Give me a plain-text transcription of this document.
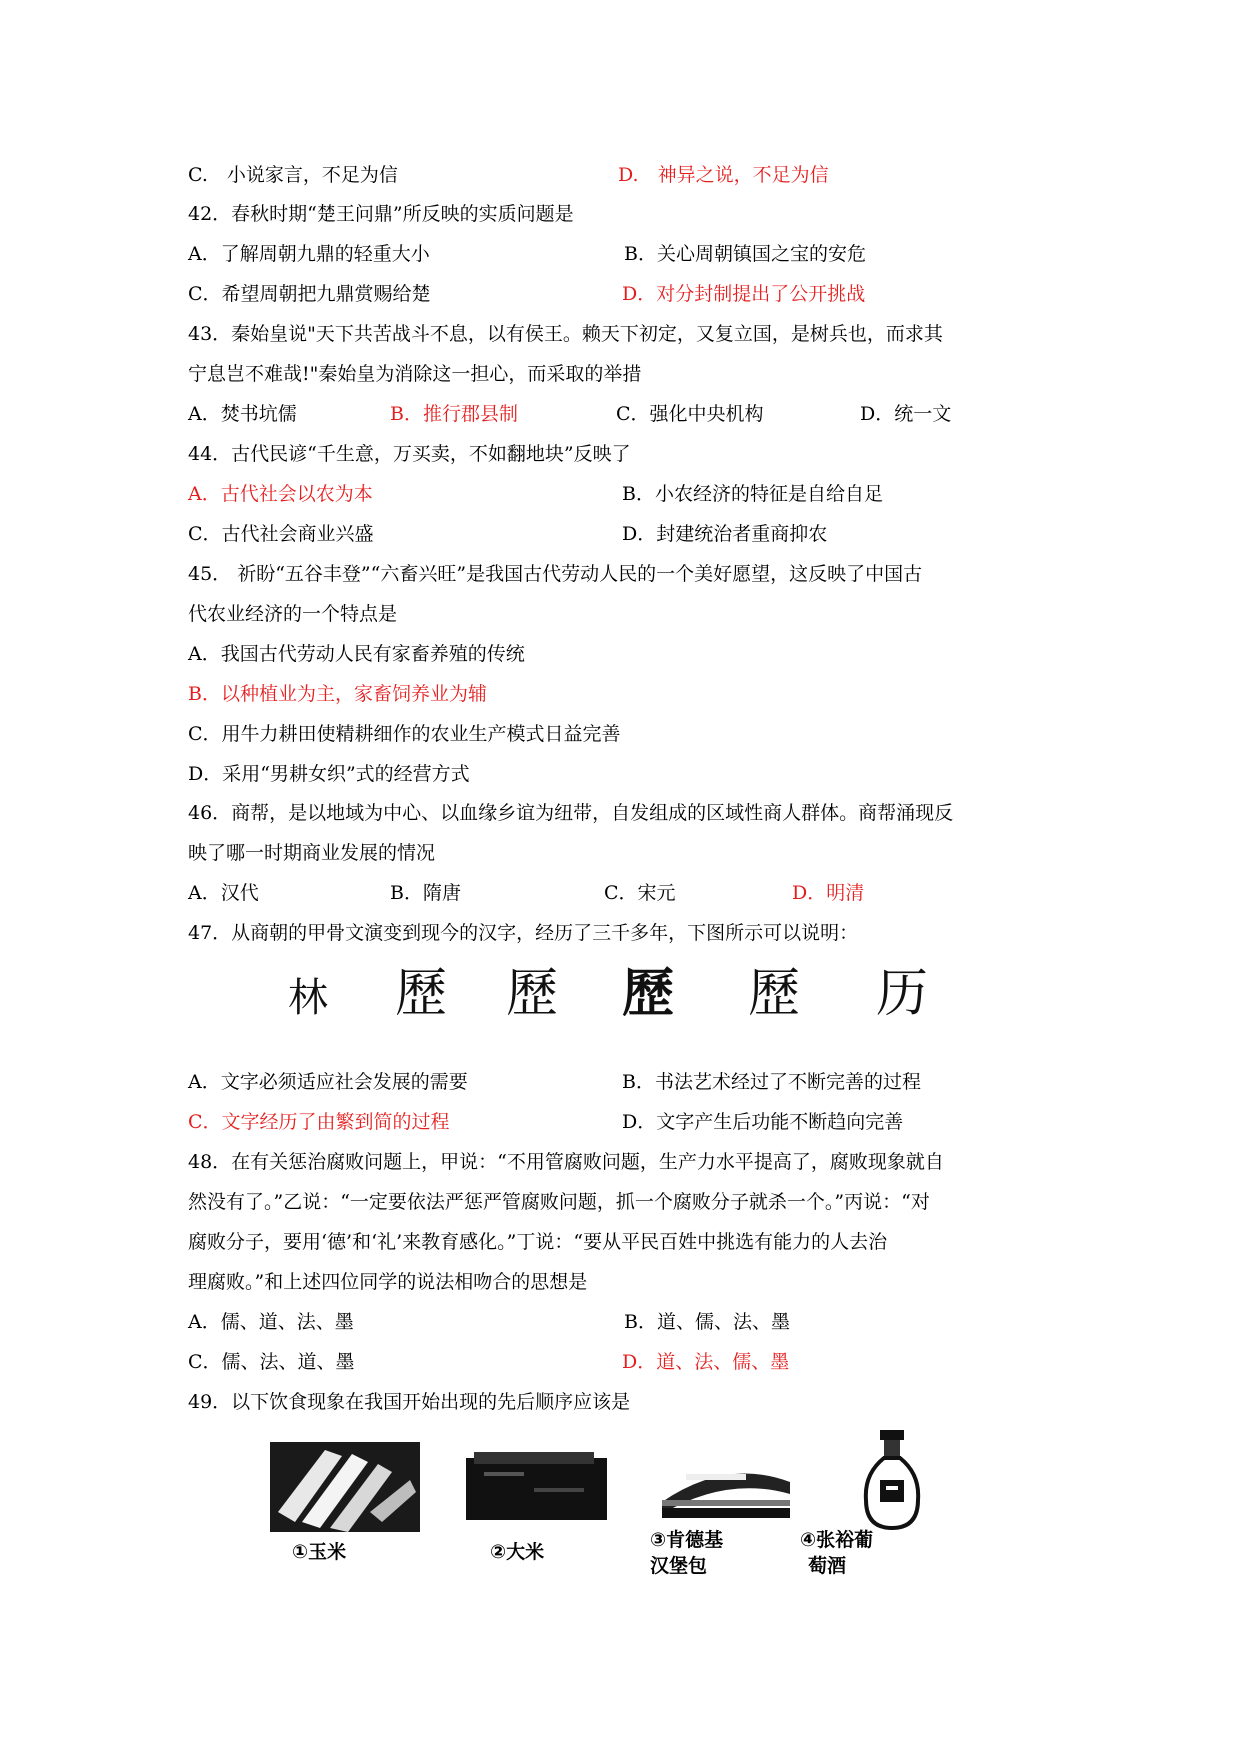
C.　小说家言，不足为信	D.　神异之说，不足为信
42．春秋时期“楚王问鼎”所反映的实质问题是
A．了解周朝九鼎的轻重大小	B．关心周朝镇国之宝的安危
C．希望周朝把九鼎赏赐给楚	D．对分封制提出了公开挑战
43．秦始皇说"天下共苦战斗不息，以有侯王。赖天下初定，又复立国，是树兵也，而求其
宁息岂不难哉!"秦始皇为消除这一担心，而采取的举措
A．焚书坑儒	B．推行郡县制	C．强化中央机构	D．统一文
44．古代民谚“千生意，万买卖，不如翻地块”反映了
A．古代社会以农为本	B．小农经济的特征是自给自足
C．古代社会商业兴盛	D．封建统治者重商抑农
45． 祈盼“五谷丰登”“六畜兴旺”是我国古代劳动人民的一个美好愿望，这反映了中国古
代农业经济的一个特点是
A．我国古代劳动人民有家畜养殖的传统
B．以种植业为主，家畜饲养业为辅
C．用牛力耕田使精耕细作的农业生产模式日益完善
D．采用“男耕女织”式的经营方式
46．商帮，是以地域为中心、以血缘乡谊为纽带，自发组成的区域性商人群体。商帮涌现反
映了哪一时期商业发展的情况
A．汉代	B．隋唐	C．宋元	D．明清
47．从商朝的甲骨文演变到现今的汉字，经历了三千多年，下图所示可以说明：
林 歷 歷 歷 歷 历
A．文字必须适应社会发展的需要	B．书法艺术经过了不断完善的过程
C．文字经历了由繁到简的过程	D．文字产生后功能不断趋向完善
48．在有关惩治腐败问题上，甲说：“不用管腐败问题，生产力水平提高了，腐败现象就自
然没有了。”乙说：“一定要依法严惩严管腐败问题，抓一个腐败分子就杀一个。”丙说：“对
腐败分子，要用‘德’和‘礼’来教育感化。”丁说：“要从平民百姓中挑选有能力的人去治
理腐败。”和上述四位同学的说法相吻合的思想是
A．儒、道、法、墨	B．道、儒、法、墨
C．儒、法、道、墨	D．道、法、儒、墨
49．以下饮食现象在我国开始出现的先后顺序应该是
①玉米	②大米
③肯德基
汉堡包
④张裕葡
萄酒
